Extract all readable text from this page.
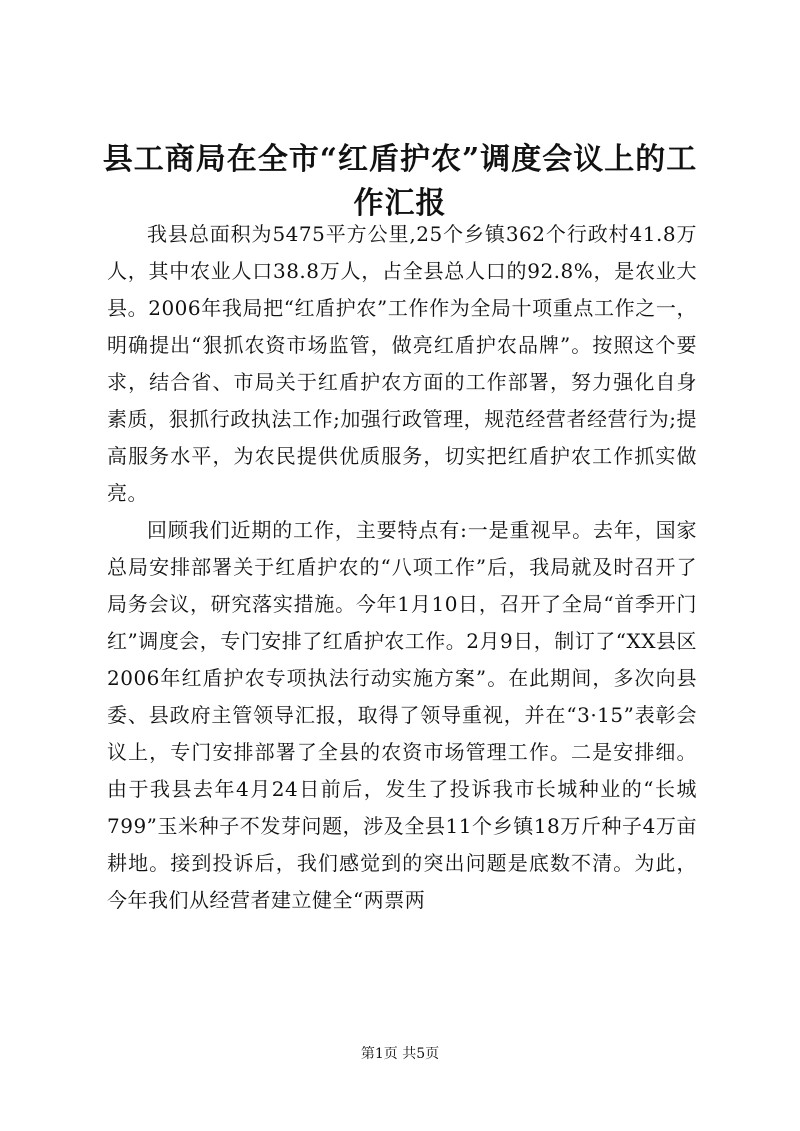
县工商局在全市“红盾护农”调度会议上的工作汇报

我县总面积为5475平方公里,25个乡镇362个行政村41.8万人，其中农业人口38.8万人，占全县总人口的92.8%，是农业大县。2006年我局把“红盾护农”工作作为全局十项重点工作之一，明确提出“狠抓农资市场监管，做亮红盾护农品牌”。按照这个要求，结合省、市局关于红盾护农方面的工作部署，努力强化自身素质，狠抓行政执法工作;加强行政管理，规范经营者经营行为;提高服务水平，为农民提供优质服务，切实把红盾护农工作抓实做亮。

回顾我们近期的工作，主要特点有:一是重视早。去年，国家总局安排部署关于红盾护农的“八项工作”后，我局就及时召开了局务会议，研究落实措施。今年1月10日，召开了全局“首季开门红”调度会，专门安排了红盾护农工作。2月9日，制订了“XX县区2006年红盾护农专项执法行动实施方案”。在此期间，多次向县委、县政府主管领导汇报，取得了领导重视，并在“3·15”表彰会议上，专门安排部署了全县的农资市场管理工作。二是安排细。由于我县去年4月24日前后，发生了投诉我市长城种业的“长城799”玉米种子不发芽问题，涉及全县11个乡镇18万斤种子4万亩耕地。接到投诉后，我们感觉到的突出问题是底数不清。为此，今年我们从经营者建立健全“两票两

第1页 共5页
